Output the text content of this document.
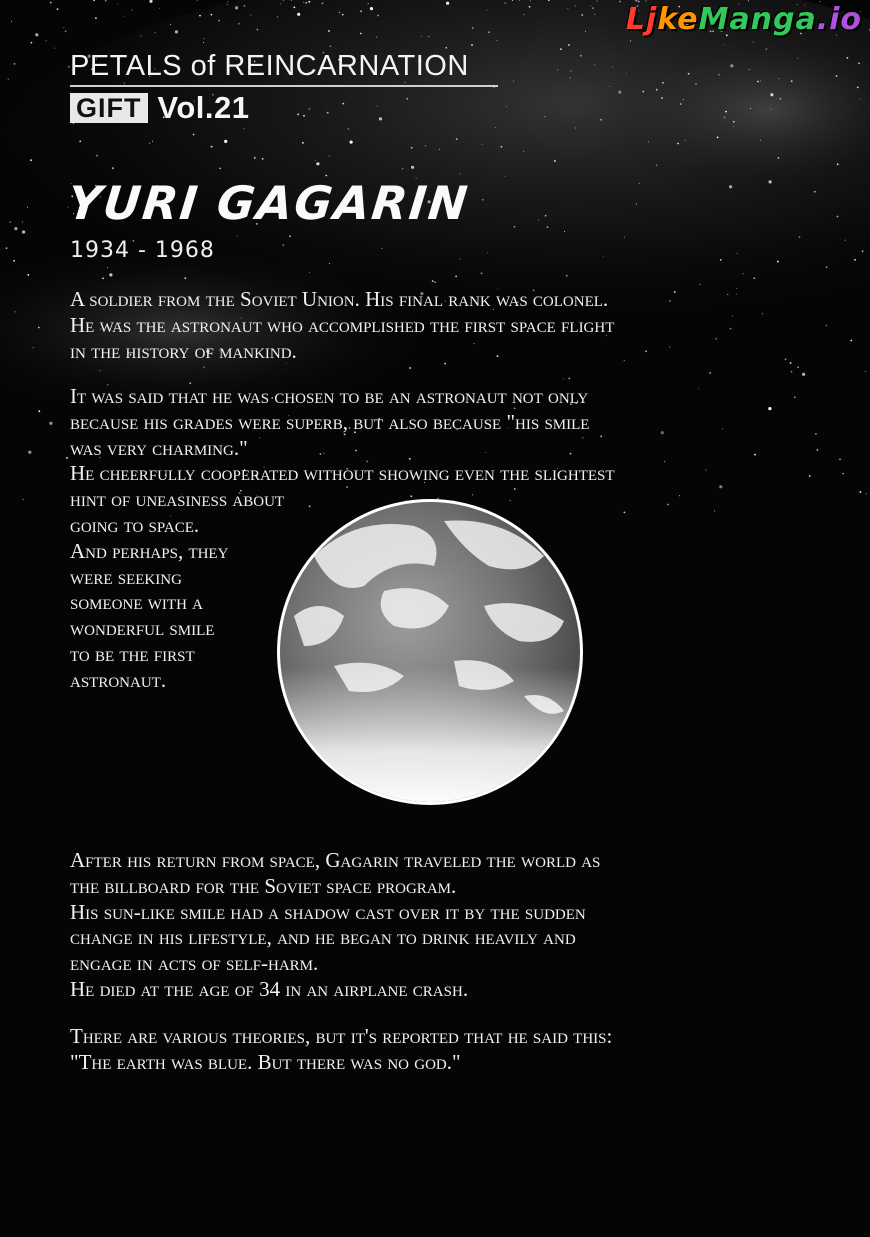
LjkeManga.io
PETALS of REINCARNATION
GIFT Vol.21
YURI GAGARIN
1934 - 1968

A soldier from the Soviet Union. His final rank was colonel.
He was the astronaut who accomplished the first space flight
in the history of mankind.

It was said that he was chosen to be an astronaut not only
because his grades were superb, but also because "his smile
was very charming."
He cheerfully cooperated without showing even the slightest
hint of uneasiness about
going to space.
And perhaps, they
were seeking
someone with a
wonderful smile
to be the first
astronaut.

After his return from space, Gagarin traveled the world as
the billboard for the Soviet space program.
His sun-like smile had a shadow cast over it by the sudden
change in his lifestyle, and he began to drink heavily and
engage in acts of self-harm.
He died at the age of 34 in an airplane crash.

There are various theories, but it's reported that he said this:
"The earth was blue. But there was no god."
